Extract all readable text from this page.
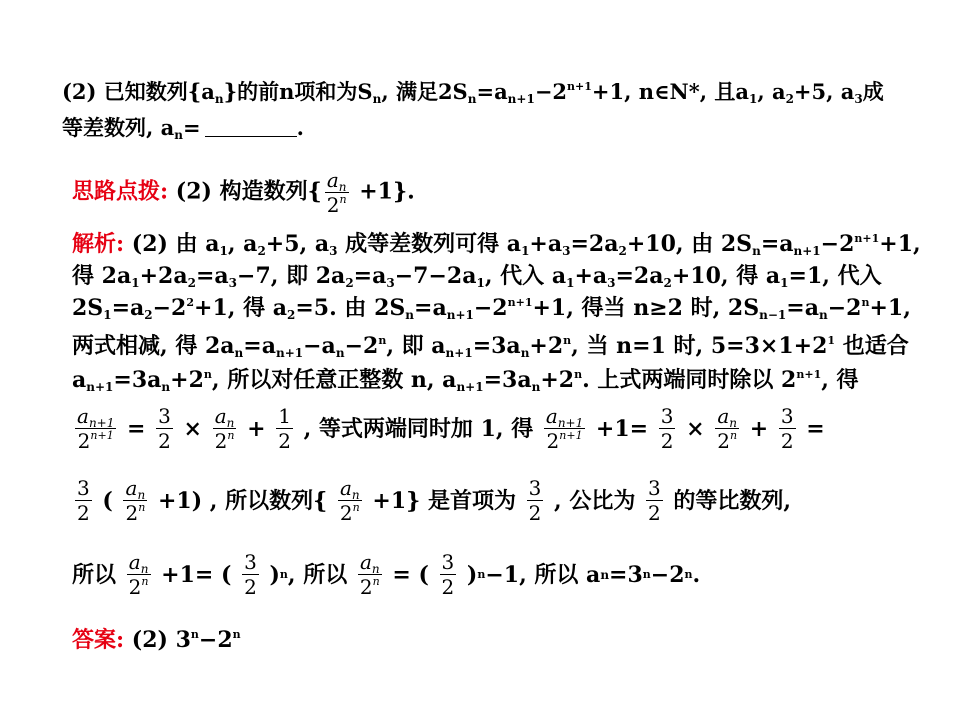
(2) 已知数列$\{a_n\}$的前n项和为$S_n$, 满足$2S_n=a_{n+1}-2^{n+1}+1$, n∈N*, 且$a_1$, $a_2+5$, $a_3$成
等差数列, $a_n=$	.
思路点拨: (2) 构造数列{ $\frac{a_n}{2^n} +1$}.
解析: (2) 由 $a_1$, $a_2+5$, $a_3$ 成等差数列可得 $a_1+a_3=2a_2+10$, 由 $2S_n=a_{n+1}-2^{n+1}+1$,
得 $2a_1+2a_2=a_3-7$, 即 $2a_2=a_3-7-2a_1$, 代入 $a_1+a_3=2a_2+10$, 得 $a_1=1$, 代入
$2S_1=a_2-2^2+1$, 得 $a_2=5$. 由 $2S_n=a_{n+1}-2^{n+1}+1$, 得当 n≥2 时, $2S_{n-1}=a_n-2^n+1$,
两式相减, 得 $2a_n=a_{n+1}-a_n-2^n$, 即 $a_{n+1}=3a_n+2^n$, 当 n=1 时, $5=3\times 1+2^1$ 也适合
$a_{n+1}=3a_n+2^n$, 所以对任意正整数 n, $a_{n+1}=3a_n+2^n$. 上式两端同时除以 $2^{n+1}$, 得
$\frac{a_{n+1}}{2^{n+1}} = \frac{3}{2} \times \frac{a_n}{2^n} + \frac{1}{2}$ , 等式两端同时加 1, 得 $\frac{a_{n+1}}{2^{n+1}} +1= \frac{3}{2} \times \frac{a_n}{2^n} + \frac{3}{2}$ =
$\frac{3}{2}$ ( $\frac{a_n}{2^n} +1$) , 所以数列{ $\frac{a_n}{2^n} +1$} 是首项为 $\frac{3}{2}$ , 公比为 $\frac{3}{2}$ 的等比数列,
所以 $\frac{a_n}{2^n} +1=$ ( $\frac{3}{2}$ ) n , 所以 $\frac{a_n}{2^n}$ = ( $\frac{3}{2}$ ) n −1, 所以 a n =3 n −2 n .
答案: (2) $3^n-2^n$
